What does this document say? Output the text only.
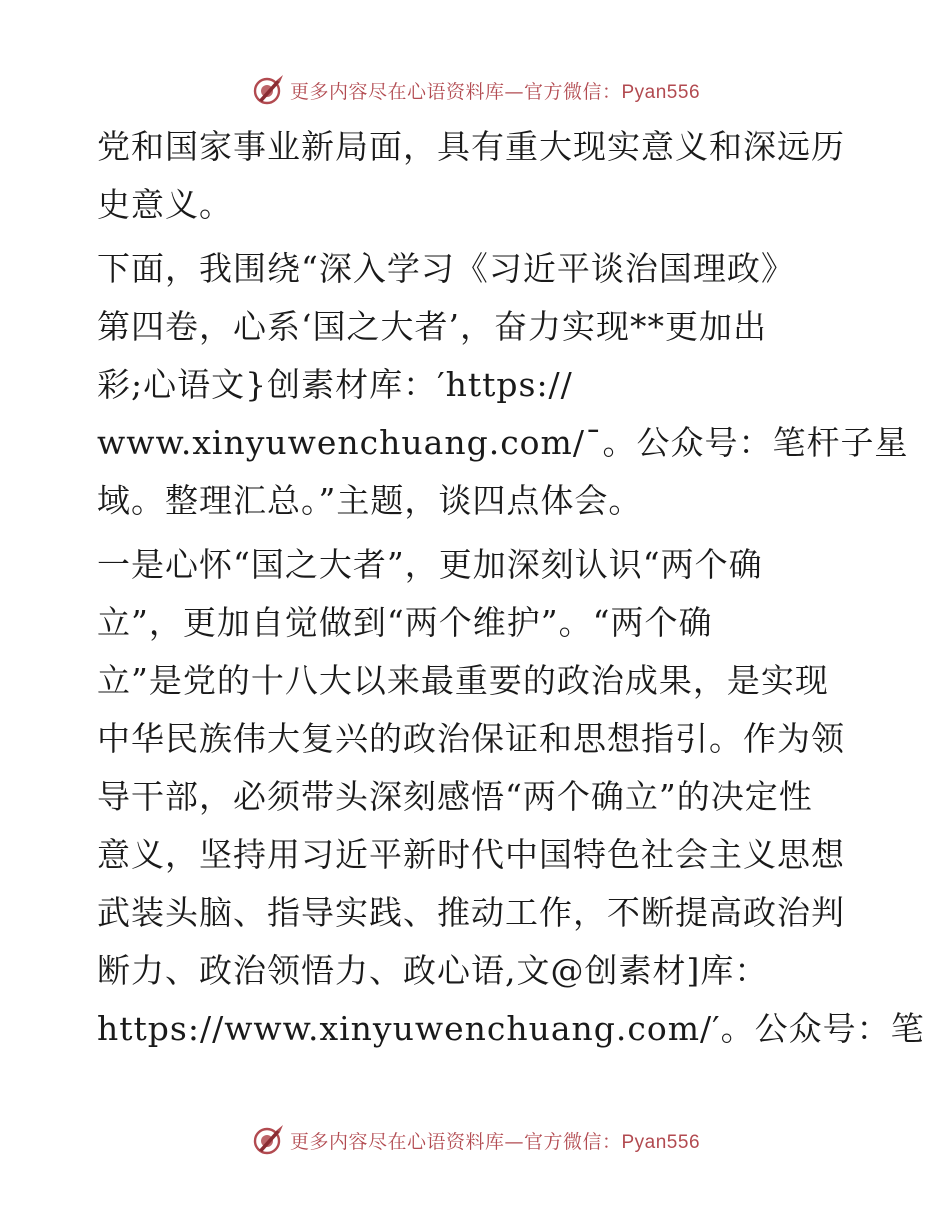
更多内容尽在心语资料库—官方微信：Pyan556
党和国家事业新局面，具有重大现实意义和深远历
史意义。
下面，我围绕“深入学习《习近平谈治国理政》
第四卷，心系‘国之大者’，奋力实现**更加出
彩;心语文}创素材库：′https://
www.xinyuwenchuang.com/¯。公众号：笔杆子星
域。整理汇总。”主题，谈四点体会。
一是心怀“国之大者”，更加深刻认识“两个确
立”，更加自觉做到“两个维护”。“两个确
立”是党的十八大以来最重要的政治成果，是实现
中华民族伟大复兴的政治保证和思想指引。作为领
导干部，必须带头深刻感悟“两个确立”的决定性
意义，坚持用习近平新时代中国特色社会主义思想
武装头脑、指导实践、推动工作，不断提高政治判
断力、政治领悟力、政心语,文@创素材]库：
https://www.xinyuwenchuang.com/′。公众号：笔
更多内容尽在心语资料库—官方微信：Pyan556
